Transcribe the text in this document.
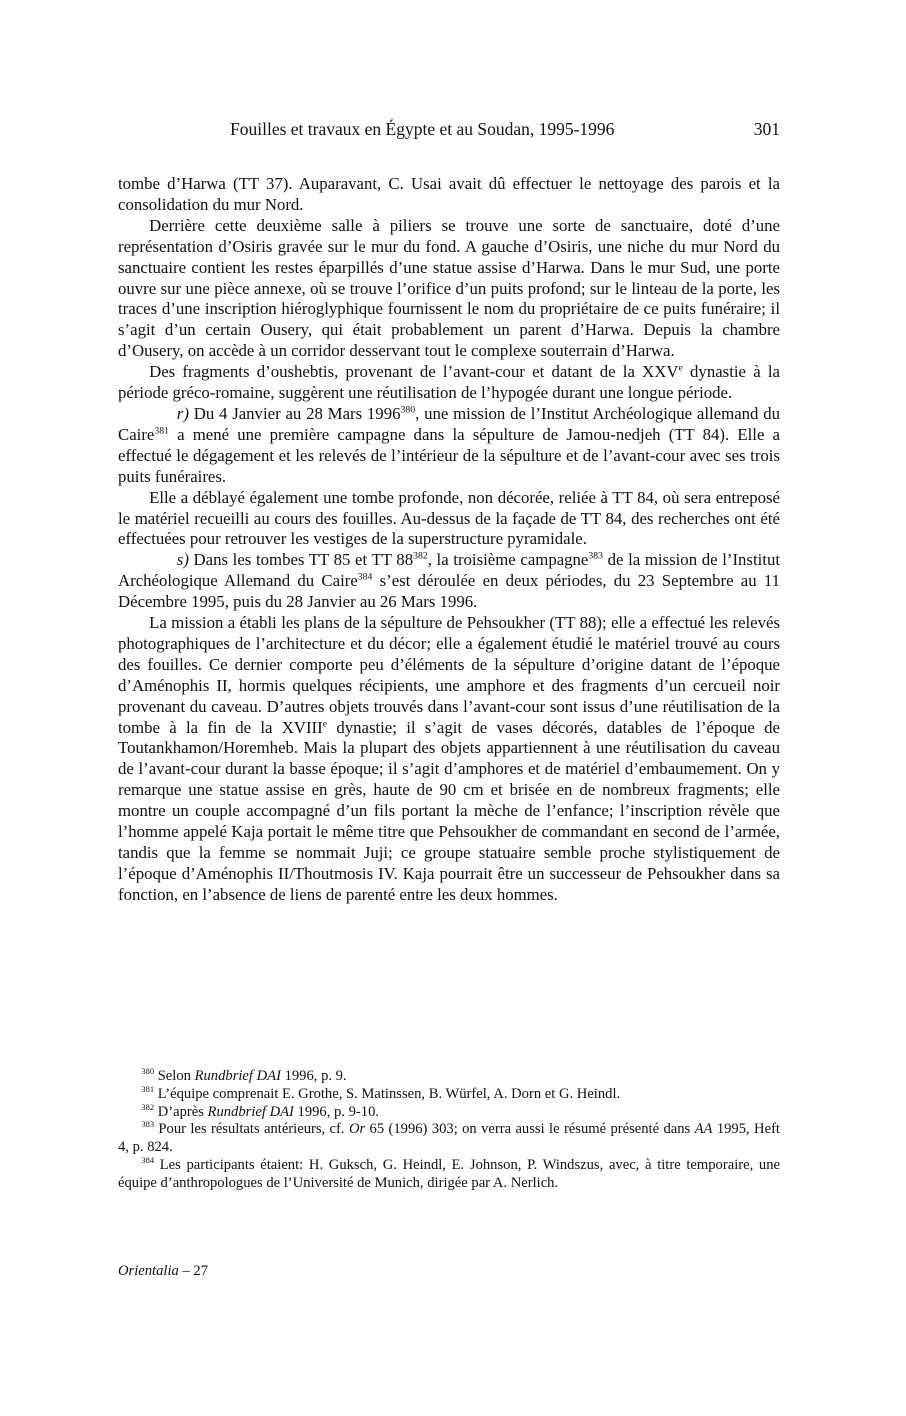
Fouilles et travaux en Égypte et au Soudan, 1995-1996	301

tombe d’Harwa (TT 37). Auparavant, C. Usai avait dû effectuer le nettoyage des parois et la consolidation du mur Nord.

Derrière cette deuxième salle à piliers se trouve une sorte de sanctuaire, doté d’une représentation d’Osiris gravée sur le mur du fond. A gauche d’Osiris, une niche du mur Nord du sanctuaire contient les restes éparpillés d’une statue assise d’Harwa. Dans le mur Sud, une porte ouvre sur une pièce annexe, où se trouve l’orifice d’un puits profond; sur le linteau de la porte, les traces d’une inscription hiéroglyphique fournissent le nom du propriétaire de ce puits funéraire; il s’agit d’un certain Ousery, qui était probablement un parent d’Harwa. Depuis la chambre d’Ousery, on accède à un corridor desservant tout le complexe souterrain d’Harwa.

Des fragments d’oushebtis, provenant de l’avant-cour et datant de la XXVe dynastie à la période gréco-romaine, suggèrent une réutilisation de l’hypogée durant une longue période.

r) Du 4 Janvier au 28 Mars 1996$^{380}$, une mission de l’Institut Archéologique allemand du Caire$^{381}$ a mené une première campagne dans la sépulture de Jamou-nedjeh (TT 84). Elle a effectué le dégagement et les relevés de l’intérieur de la sépulture et de l’avant-cour avec ses trois puits funéraires.

Elle a déblayé également une tombe profonde, non décorée, reliée à TT 84, où sera entreposé le matériel recueilli au cours des fouilles. Au-dessus de la façade de TT 84, des recherches ont été effectuées pour retrouver les vestiges de la superstructure pyramidale.

s) Dans les tombes TT 85 et TT $88^{382}$, la troisième campagne$^{383}$ de la mission de l’Institut Archéologique Allemand du Caire$^{384}$ s’est déroulée en deux périodes, du 23 Septembre au 11 Décembre 1995, puis du 28 Janvier au 26 Mars 1996.

La mission a établi les plans de la sépulture de Pehsoukher (TT 88); elle a effectué les relevés photographiques de l’architecture et du décor; elle a également étudié le matériel trouvé au cours des fouilles. Ce dernier comporte peu d’éléments de la sépulture d’origine datant de l’époque d’Aménophis II, hormis quelques récipients, une amphore et des fragments d’un cercueil noir provenant du caveau. D’autres objets trouvés dans l’avant-cour sont issus d’une réutilisation de la tombe à la fin de la XVIIIe dynastie; il s’agit de vases décorés, datables de l’époque de Toutankhamon/Horemheb. Mais la plupart des objets appartiennent à une réutilisation du caveau de l’avant-cour durant la basse époque; il s’agit d’amphores et de matériel d’embaumement. On y remarque une statue assise en grès, haute de 90 cm et brisée en de nombreux fragments; elle montre un couple accompagné d’un fils portant la mèche de l’enfance; l’inscription révèle que l’homme appelé Kaja portait le même titre que Pehsoukher de commandant en second de l’armée, tandis que la femme se nommait Juji; ce groupe statuaire semble proche stylistiquement de l’époque d’Aménophis II/Thoutmosis IV. Kaja pourrait être un successeur de Pehsoukher dans sa fonction, en l’absence de liens de parenté entre les deux hommes.

$^{380}$ Selon Rundbrief DAI 1996, p. 9.

$^{381}$ L’équipe comprenait E. Grothe, S. Matinssen, B. Würfel, A. Dorn et G. Heindl.

$^{382}$ D’après Rundbrief DAI 1996, p. 9-10.

$^{383}$ Pour les résultats antérieurs, cf. Or 65 (1996) 303; on verra aussi le résumé présenté dans AA 1995, Heft 4, p. 824.

$^{384}$ Les participants étaient: H. Guksch, G. Heindl, E. Johnson, P. Windszus, avec, à titre temporaire, une équipe d’anthropologues de l’Université de Munich, dirigée par A. Nerlich.

Orientalia – 27
